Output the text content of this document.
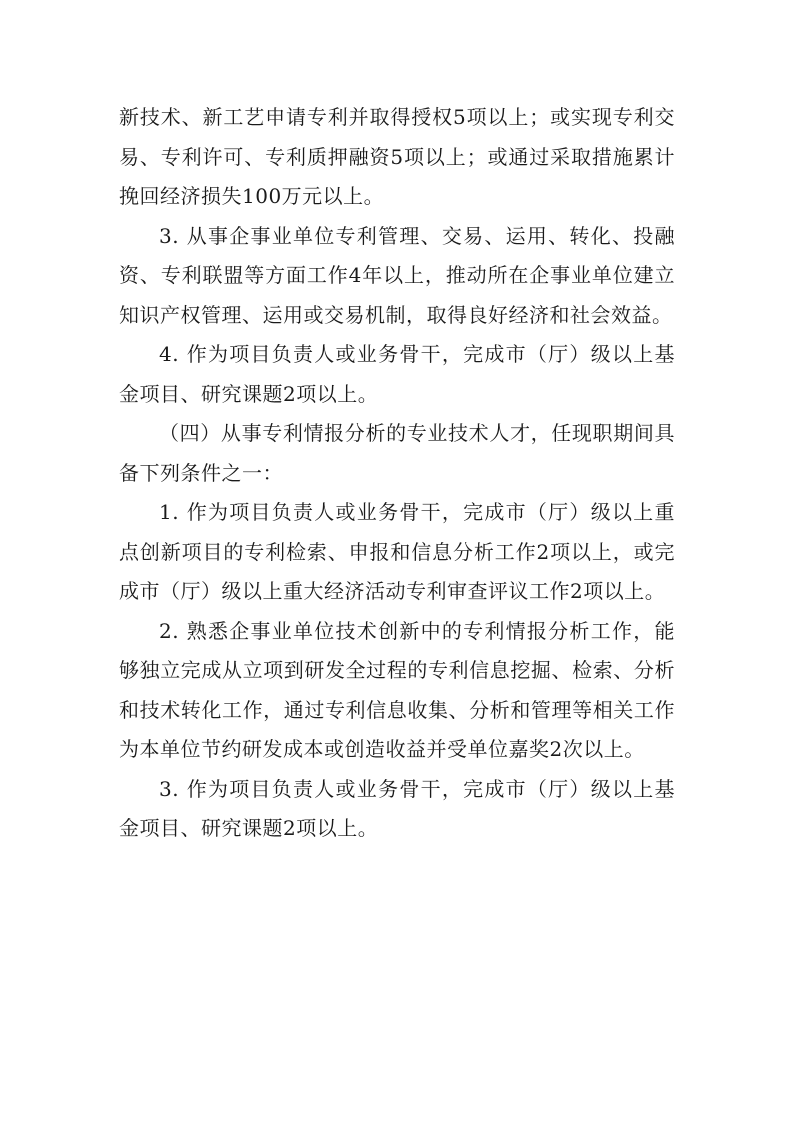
新技术、新工艺申请专利并取得授权5项以上；或实现专利交易、专利许可、专利质押融资5项以上；或通过采取措施累计挽回经济损失100万元以上。

3. 从事企事业单位专利管理、交易、运用、转化、投融资、专利联盟等方面工作4年以上，推动所在企事业单位建立知识产权管理、运用或交易机制，取得良好经济和社会效益。

4. 作为项目负责人或业务骨干，完成市（厅）级以上基金项目、研究课题2项以上。

（四）从事专利情报分析的专业技术人才，任现职期间具备下列条件之一：

1. 作为项目负责人或业务骨干，完成市（厅）级以上重点创新项目的专利检索、申报和信息分析工作2项以上，或完成市（厅）级以上重大经济活动专利审查评议工作2项以上。

2. 熟悉企事业单位技术创新中的专利情报分析工作，能够独立完成从立项到研发全过程的专利信息挖掘、检索、分析和技术转化工作，通过专利信息收集、分析和管理等相关工作为本单位节约研发成本或创造收益并受单位嘉奖2次以上。

3. 作为项目负责人或业务骨干，完成市（厅）级以上基金项目、研究课题2项以上。
